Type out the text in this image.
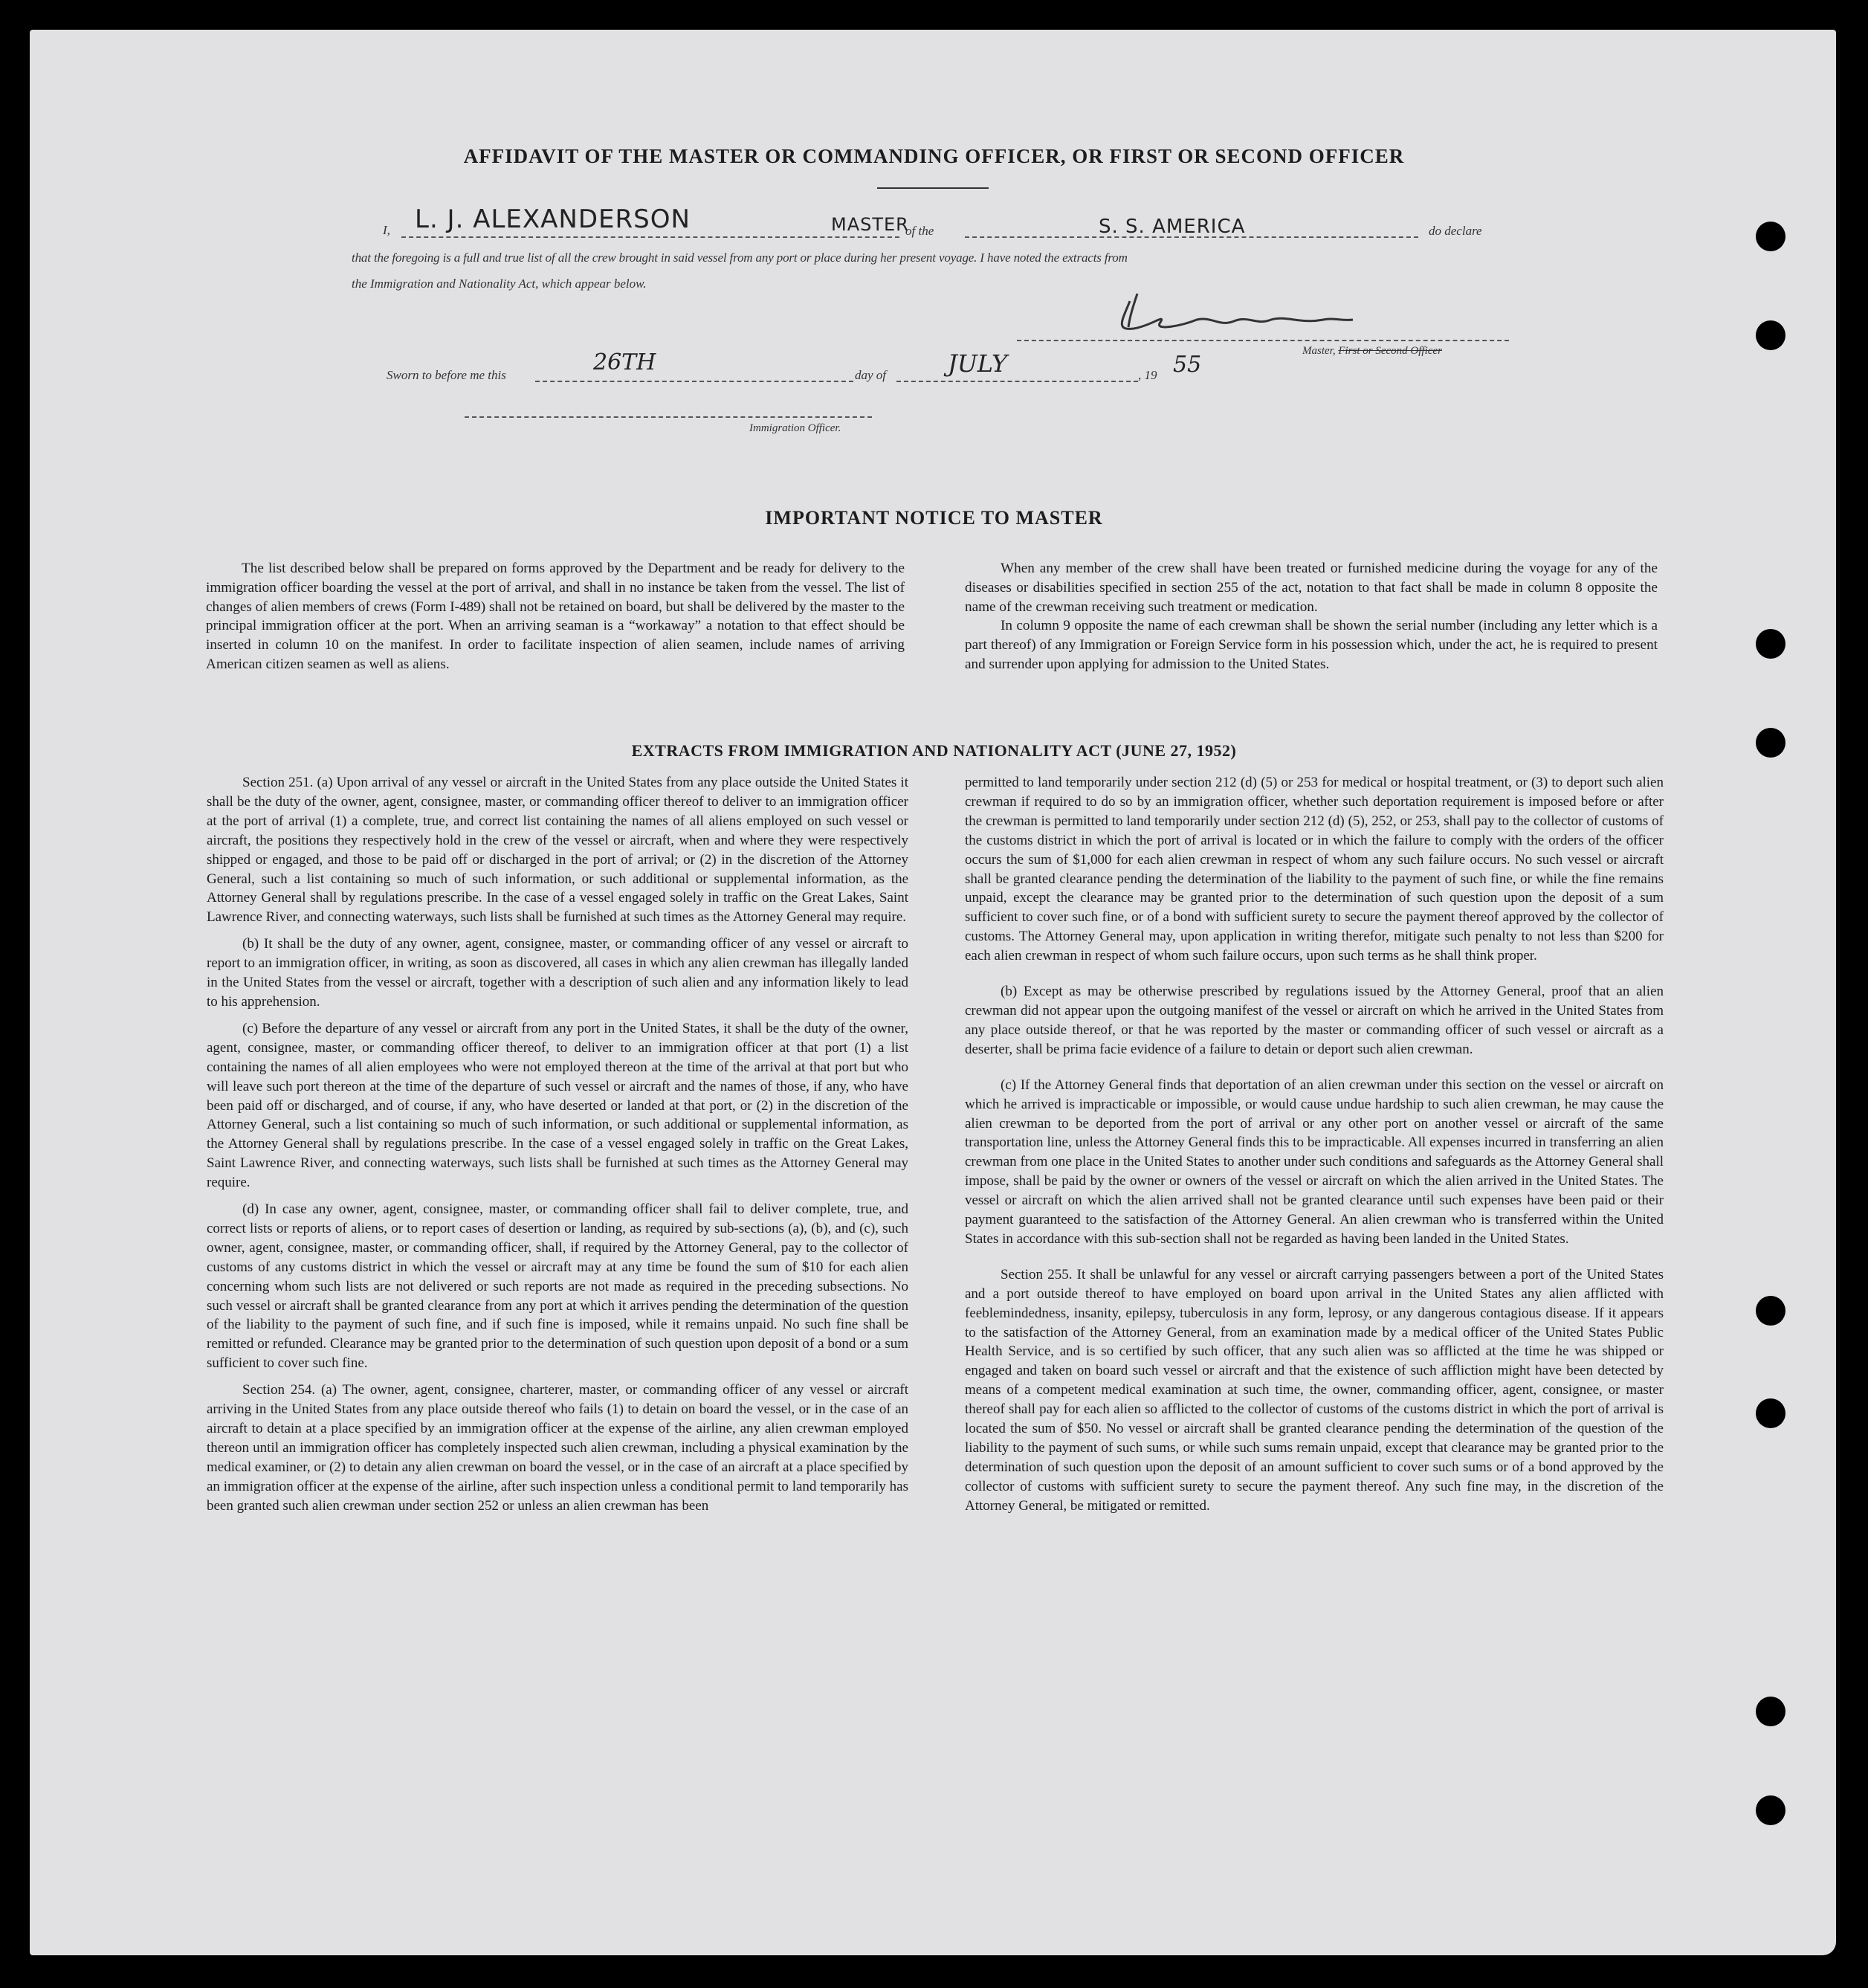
AFFIDAVIT OF THE MASTER OR COMMANDING OFFICER, OR FIRST OR SECOND OFFICER
I, L. J. ALEXANDERSON	MASTER
of the	S. S. AMERICA	do declare
that the foregoing is a full and true list of all the crew brought in said vessel from any port or place during her present voyage. I have noted the extracts from
the Immigration and Nationality Act, which appear below.
Master, First or Second Officer
Sworn to before me this	26TH	day of	JULY	, 19 55
Immigration Officer.
IMPORTANT NOTICE TO MASTER

The list described below shall be prepared on forms approved by the Department and be ready for delivery to the immigration officer boarding the vessel at the port of arrival, and shall in no instance be taken from the vessel. The list of changes of alien members of crews (Form I-489) shall not be retained on board, but shall be delivered by the master to the principal immigration officer at the port. When an arriving seaman is a “workaway” a notation to that effect should be inserted in column 10 on the manifest. In order to facilitate inspection of alien seamen, include names of arriving American citizen seamen as well as aliens.

When any member of the crew shall have been treated or furnished medicine during the voyage for any of the diseases or disabilities specified in section 255 of the act, notation to that fact shall be made in column 8 opposite the name of the crewman receiving such treatment or medication.

In column 9 opposite the name of each crewman shall be shown the serial number (including any letter which is a part thereof) of any Immigration or Foreign Service form in his possession which, under the act, he is required to present and surrender upon applying for admission to the United States.

EXTRACTS FROM IMMIGRATION AND NATIONALITY ACT (JUNE 27, 1952)

Section 251. (a) Upon arrival of any vessel or aircraft in the United States from any place outside the United States it shall be the duty of the owner, agent, consignee, master, or commanding officer thereof to deliver to an immigration officer at the port of arrival (1) a complete, true, and correct list containing the names of all aliens employed on such vessel or aircraft, the positions they respectively hold in the crew of the vessel or aircraft, when and where they were respectively shipped or engaged, and those to be paid off or discharged in the port of arrival; or (2) in the discretion of the Attorney General, such a list containing so much of such information, or such additional or supplemental information, as the Attorney General shall by regulations prescribe. In the case of a vessel engaged solely in traffic on the Great Lakes, Saint Lawrence River, and connecting waterways, such lists shall be furnished at such times as the Attorney General may require.

(b) It shall be the duty of any owner, agent, consignee, master, or commanding officer of any vessel or aircraft to report to an immigration officer, in writing, as soon as discovered, all cases in which any alien crewman has illegally landed in the United States from the vessel or aircraft, together with a description of such alien and any information likely to lead to his apprehension.

(c) Before the departure of any vessel or aircraft from any port in the United States, it shall be the duty of the owner, agent, consignee, master, or commanding officer thereof, to deliver to an immigration officer at that port (1) a list containing the names of all alien employees who were not employed thereon at the time of the arrival at that port but who will leave such port thereon at the time of the departure of such vessel or aircraft and the names of those, if any, who have been paid off or discharged, and of course, if any, who have deserted or landed at that port, or (2) in the discretion of the Attorney General, such a list containing so much of such information, or such additional or supplemental information, as the Attorney General shall by regulations prescribe. In the case of a vessel engaged solely in traffic on the Great Lakes, Saint Lawrence River, and connecting waterways, such lists shall be furnished at such times as the Attorney General may require.

(d) In case any owner, agent, consignee, master, or commanding officer shall fail to deliver complete, true, and correct lists or reports of aliens, or to report cases of desertion or landing, as required by sub-sections (a), (b), and (c), such owner, agent, consignee, master, or commanding officer, shall, if required by the Attorney General, pay to the collector of customs of any customs district in which the vessel or aircraft may at any time be found the sum of $10 for each alien concerning whom such lists are not delivered or such reports are not made as required in the preceding subsections. No such vessel or aircraft shall be granted clearance from any port at which it arrives pending the determination of the question of the liability to the payment of such fine, and if such fine is imposed, while it remains unpaid. No such fine shall be remitted or refunded. Clearance may be granted prior to the determination of such question upon deposit of a bond or a sum sufficient to cover such fine.

Section 254. (a) The owner, agent, consignee, charterer, master, or commanding officer of any vessel or aircraft arriving in the United States from any place outside thereof who fails (1) to detain on board the vessel, or in the case of an aircraft to detain at a place specified by an immigration officer at the expense of the airline, any alien crewman employed thereon until an immigration officer has completely inspected such alien crewman, including a physical examination by the medical examiner, or (2) to detain any alien crewman on board the vessel, or in the case of an aircraft at a place specified by an immigration officer at the expense of the airline, after such inspection unless a conditional permit to land temporarily has been granted such alien crewman under section 252 or unless an alien crewman has been

permitted to land temporarily under section 212 (d) (5) or 253 for medical or hospital treatment, or (3) to deport such alien crewman if required to do so by an immigration officer, whether such deportation requirement is imposed before or after the crewman is permitted to land temporarily under section 212 (d) (5), 252, or 253, shall pay to the collector of customs of the customs district in which the port of arrival is located or in which the failure to comply with the orders of the officer occurs the sum of $1,000 for each alien crewman in respect of whom any such failure occurs. No such vessel or aircraft shall be granted clearance pending the determination of the liability to the payment of such fine, or while the fine remains unpaid, except the clearance may be granted prior to the determination of such question upon the deposit of a sum sufficient to cover such fine, or of a bond with sufficient surety to secure the payment thereof approved by the collector of customs. The Attorney General may, upon application in writing therefor, mitigate such penalty to not less than $200 for each alien crewman in respect of whom such failure occurs, upon such terms as he shall think proper.

(b) Except as may be otherwise prescribed by regulations issued by the Attorney General, proof that an alien crewman did not appear upon the outgoing manifest of the vessel or aircraft on which he arrived in the United States from any place outside thereof, or that he was reported by the master or commanding officer of such vessel or aircraft as a deserter, shall be prima facie evidence of a failure to detain or deport such alien crewman.

(c) If the Attorney General finds that deportation of an alien crewman under this section on the vessel or aircraft on which he arrived is impracticable or impossible, or would cause undue hardship to such alien crewman, he may cause the alien crewman to be deported from the port of arrival or any other port on another vessel or aircraft of the same transportation line, unless the Attorney General finds this to be impracticable. All expenses incurred in transferring an alien crewman from one place in the United States to another under such conditions and safeguards as the Attorney General shall impose, shall be paid by the owner or owners of the vessel or aircraft on which the alien arrived in the United States. The vessel or aircraft on which the alien arrived shall not be granted clearance until such expenses have been paid or their payment guaranteed to the satisfaction of the Attorney General. An alien crewman who is transferred within the United States in accordance with this sub-section shall not be regarded as having been landed in the United States.

Section 255. It shall be unlawful for any vessel or aircraft carrying passengers between a port of the United States and a port outside thereof to have employed on board upon arrival in the United States any alien afflicted with feeblemindedness, insanity, epilepsy, tuberculosis in any form, leprosy, or any dangerous contagious disease. If it appears to the satisfaction of the Attorney General, from an examination made by a medical officer of the United States Public Health Service, and is so certified by such officer, that any such alien was so afflicted at the time he was shipped or engaged and taken on board such vessel or aircraft and that the existence of such affliction might have been detected by means of a competent medical examination at such time, the owner, commanding officer, agent, consignee, or master thereof shall pay for each alien so afflicted to the collector of customs of the customs district in which the port of arrival is located the sum of $50. No vessel or aircraft shall be granted clearance pending the determination of the question of the liability to the payment of such sums, or while such sums remain unpaid, except that clearance may be granted prior to the determination of such question upon the deposit of an amount sufficient to cover such sums or of a bond approved by the collector of customs with sufficient surety to secure the payment thereof. Any such fine may, in the discretion of the Attorney General, be mitigated or remitted.
